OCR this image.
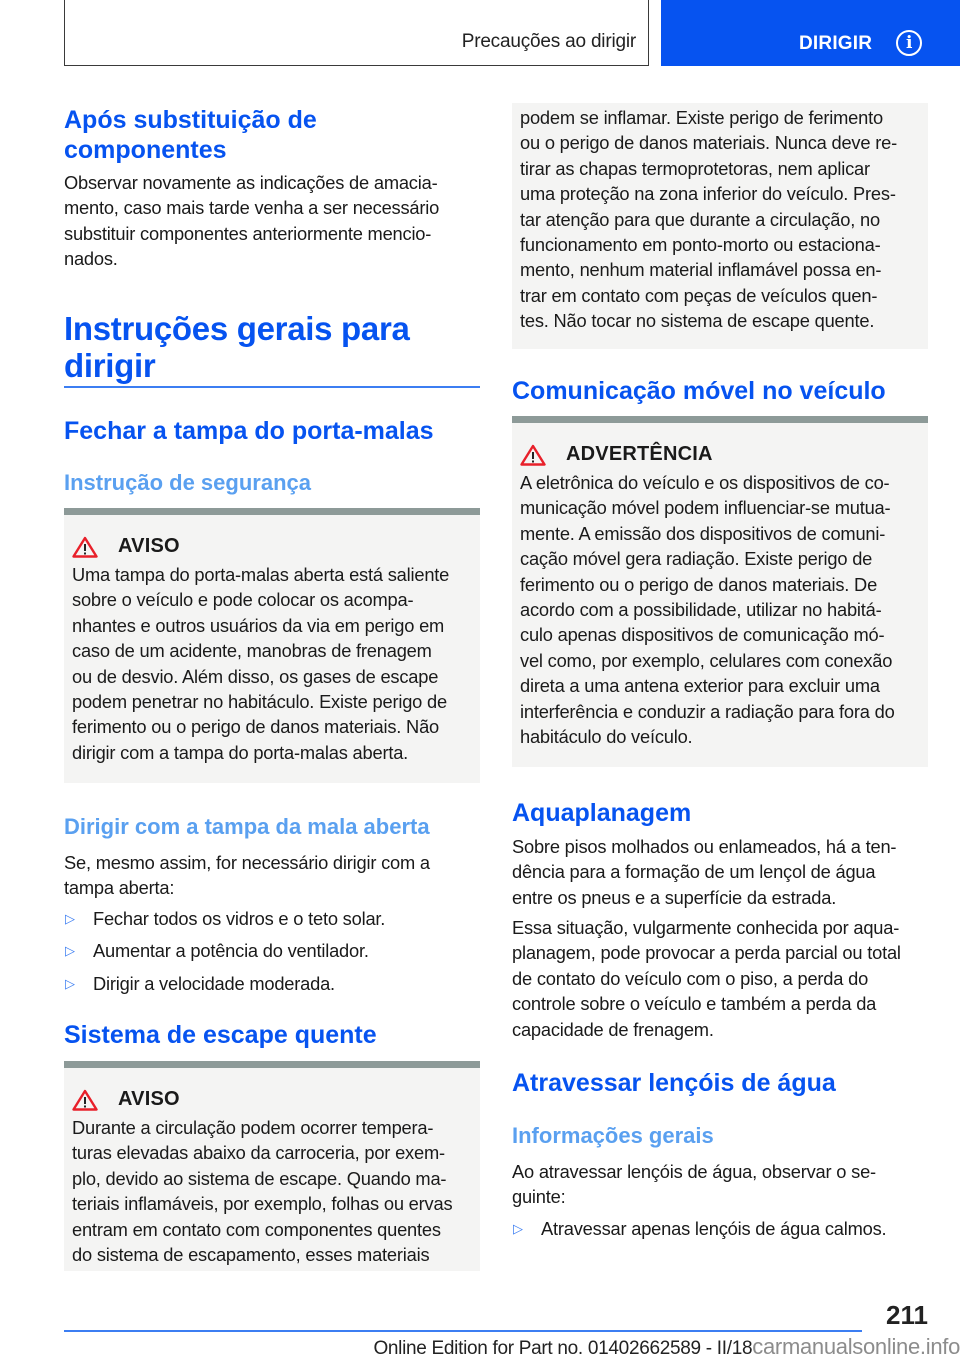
Precauções ao dirigir	DIRIGIR	i
Após substituição de
componentes
Observar novamente as indicações de amacia-
mento, caso mais tarde venha a ser necessário
substituir componentes anteriormente mencio-
nados.
Instruções gerais para
dirigir
Fechar a tampa do porta-malas
Instrução de segurança
AVISO

Uma tampa do porta-malas aberta está saliente
sobre o veículo e pode colocar os acompa-
nhantes e outros usuários da via em perigo em
caso de um acidente, manobras de frenagem
ou de desvio. Além disso, os gases de escape
podem penetrar no habitáculo. Existe perigo de
ferimento ou o perigo de danos materiais. Não
dirigir com a tampa do porta-malas aberta.

Dirigir com a tampa da mala aberta
Se, mesmo assim, for necessário dirigir com a
tampa aberta:
▷ Fechar todos os vidros e o teto solar.
▷ Aumentar a potência do ventilador.
▷ Dirigir a velocidade moderada.
Sistema de escape quente
AVISO

Durante a circulação podem ocorrer tempera-
turas elevadas abaixo da carroceria, por exem-
plo, devido ao sistema de escape. Quando ma-
teriais inflamáveis, por exemplo, folhas ou ervas
entram em contato com componentes quentes
do sistema de escapamento, esses materiais

podem se inflamar. Existe perigo de ferimento
ou o perigo de danos materiais. Nunca deve re-
tirar as chapas termoprotetoras, nem aplicar
uma proteção na zona inferior do veículo. Pres-
tar atenção para que durante a circulação, no
funcionamento em ponto-morto ou estaciona-
mento, nenhum material inflamável possa en-
trar em contato com peças de veículos quen-
tes. Não tocar no sistema de escape quente.

Comunicação móvel no veículo
ADVERTÊNCIA

A eletrônica do veículo e os dispositivos de co-
municação móvel podem influenciar-se mutua-
mente. A emissão dos dispositivos de comuni-
cação móvel gera radiação. Existe perigo de
ferimento ou o perigo de danos materiais. De
acordo com a possibilidade, utilizar no habitá-
culo apenas dispositivos de comunicação mó-
vel como, por exemplo, celulares com conexão
direta a uma antena exterior para excluir uma
interferência e conduzir a radiação para fora do
habitáculo do veículo.

Aquaplanagem
Sobre pisos molhados ou enlameados, há a ten-
dência para a formação de um lençol de água
entre os pneus e a superfície da estrada.
Essa situação, vulgarmente conhecida por aqua-
planagem, pode provocar a perda parcial ou total
de contato do veículo com o piso, a perda do
controle sobre o veículo e também a perda da
capacidade de frenagem.
Atravessar lençóis de água
Informações gerais
Ao atravessar lençóis de água, observar o se-
guinte:
▷ Atravessar apenas lençóis de água calmos.
211
Online Edition for Part no. 01402662589 - II/18carmanualsonline.info
